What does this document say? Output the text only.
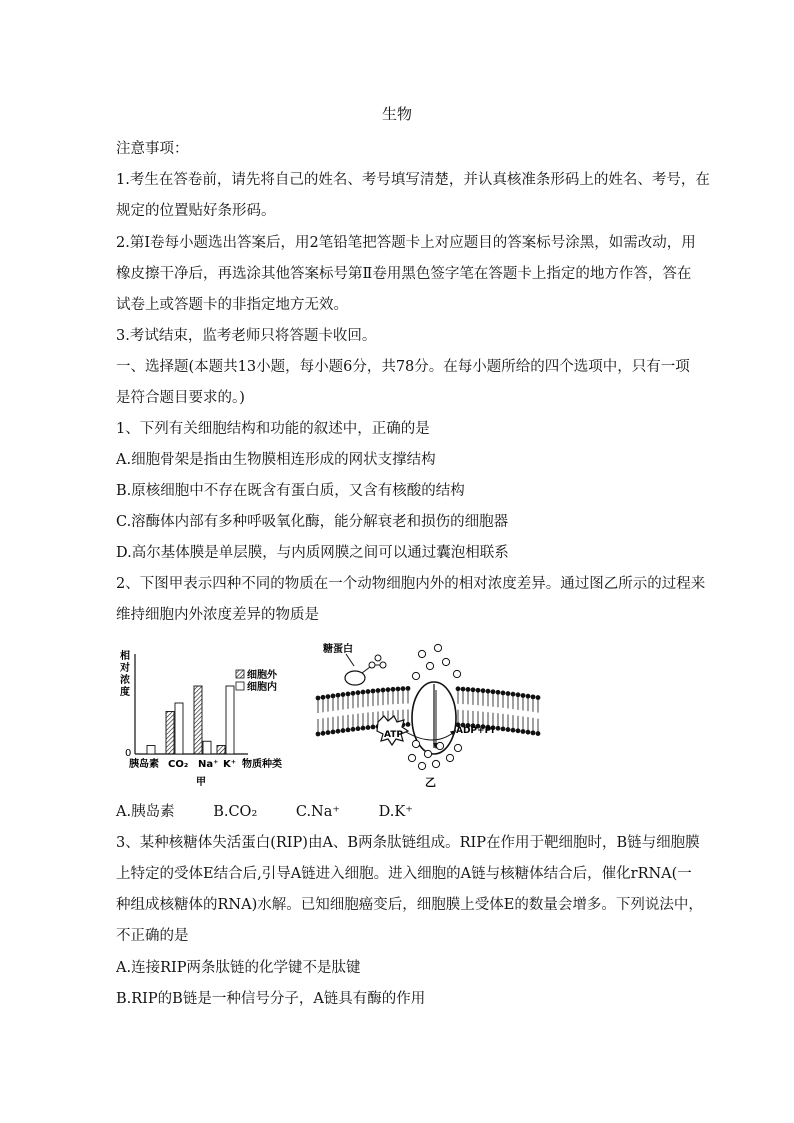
生物
注意事项：
1.考生在答卷前，请先将自己的姓名、考号填写清楚，并认真核准条形码上的姓名、考号，在
规定的位置贴好条形码。
2.第Ⅰ卷每小题选出答案后，用2笔铅笔把答题卡上对应题目的答案标号涂黑，如需改动，用
橡皮擦干净后，再选涂其他答案标号第Ⅱ卷用黑色签字笔在答题卡上指定的地方作答，答在
试卷上或答题卡的非指定地方无效。
3.考试结束，监考老师只将答题卡收回。
一、选择题(本题共13小题，每小题6分，共78分。在每小题所给的四个选项中，只有一项
是符合题目要求的。)
1、下列有关细胞结构和功能的叙述中，正确的是
A.细胞骨架是指由生物膜相连形成的网状支撑结构
B.原核细胞中不存在既含有蛋白质，又含有核酸的结构
C.溶酶体内部有多种呼吸氧化酶，能分解衰老和损伤的细胞器
D.高尔基体膜是单层膜，与内质网膜之间可以通过囊泡相联系
2、下图甲表示四种不同的物质在一个动物细胞内外的相对浓度差异。通过图乙所示的过程来
维持细胞内外浓度差异的物质是
相
对
浓
度
0
胰岛素 CO₂ Na⁺ K⁺ 物质种类
细胞外
细胞内
甲
糖蛋白
ATP	ADP+Pi
乙
A.胰岛素	B.CO₂	C.Na⁺	D.K⁺
3、某种核糖体失活蛋白(RIP)由A、B两条肽链组成。RIP在作用于靶细胞时，B链与细胞膜
上特定的受体E结合后,引导A链进入细胞。进入细胞的A链与核糖体结合后，催化rRNA(一
种组成核糖体的RNA)水解。已知细胞癌变后，细胞膜上受体E的数量会增多。下列说法中，
不正确的是
A.连接RIP两条肽链的化学键不是肽键
B.RIP的B链是一种信号分子，A链具有酶的作用
